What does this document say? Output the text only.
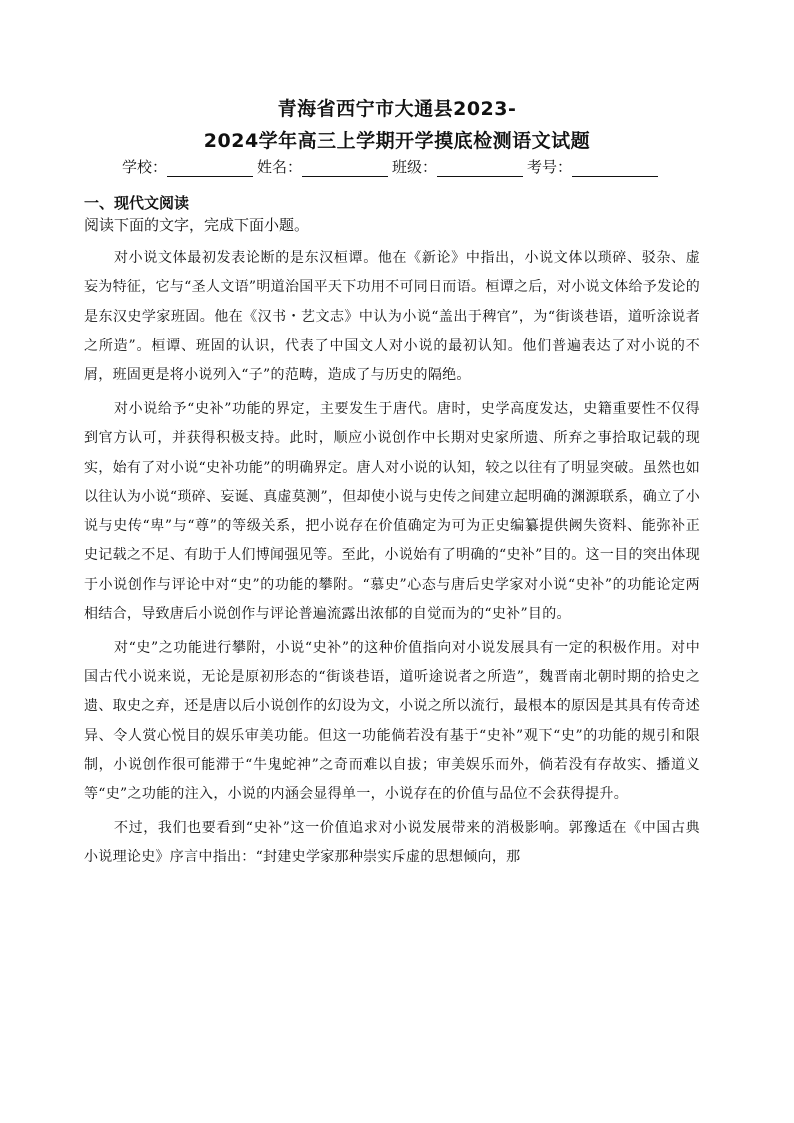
青海省西宁市大通县2023-
2024学年高三上学期开学摸底检测语文试题
学校：	姓名：	班级：	考号：
一、现代文阅读
阅读下面的文字，完成下面小题。

对小说文体最初发表论断的是东汉桓谭。他在《新论》中指出，小说文体以琐碎、驳杂、虚妄为特征，它与“圣人文语”明道治国平天下功用不可同日而语。桓谭之后，对小说文体给予发论的是东汉史学家班固。他在《汉书・艺文志》中认为小说“盖出于稗官”，为“街谈巷语，道听涂说者之所造”。桓谭、班固的认识，代表了中国文人对小说的最初认知。他们普遍表达了对小说的不屑，班固更是将小说列入“子”的范畴，造成了与历史的隔绝。

对小说给予“史补”功能的界定，主要发生于唐代。唐时，史学高度发达，史籍重要性不仅得到官方认可，并获得积极支持。此时，顺应小说创作中长期对史家所遗、所弃之事拾取记载的现实，始有了对小说“史补功能”的明确界定。唐人对小说的认知，较之以往有了明显突破。虽然也如以往认为小说“琐碎、妄诞、真虚莫测”，但却使小说与史传之间建立起明确的渊源联系，确立了小说与史传“卑”与“尊”的等级关系，把小说存在价值确定为可为正史编纂提供阙失资料、能弥补正史记载之不足、有助于人们博闻强见等。至此，小说始有了明确的“史补”目的。这一目的突出体现于小说创作与评论中对“史”的功能的攀附。“慕史”心态与唐后史学家对小说“史补”的功能论定两相结合，导致唐后小说创作与评论普遍流露出浓郁的自觉而为的“史补”目的。

对“史”之功能进行攀附，小说“史补”的这种价值指向对小说发展具有一定的积极作用。对中国古代小说来说，无论是原初形态的“街谈巷语，道听途说者之所造”，魏晋南北朝时期的拾史之遗、取史之弃，还是唐以后小说创作的幻设为文，小说之所以流行，最根本的原因是其具有传奇述异、令人赏心悦目的娱乐审美功能。但这一功能倘若没有基于“史补”观下“史”的功能的规引和限制，小说创作很可能滞于“牛鬼蛇神”之奇而难以自拔；审美娱乐而外，倘若没有存故实、播道义等“史”之功能的注入，小说的内涵会显得单一，小说存在的价值与品位不会获得提升。

不过，我们也要看到“史补”这一价值追求对小说发展带来的消极影响。郭豫适在《中国古典小说理论史》序言中指出：“封建史学家那种崇实斥虚的思想倾向，那
